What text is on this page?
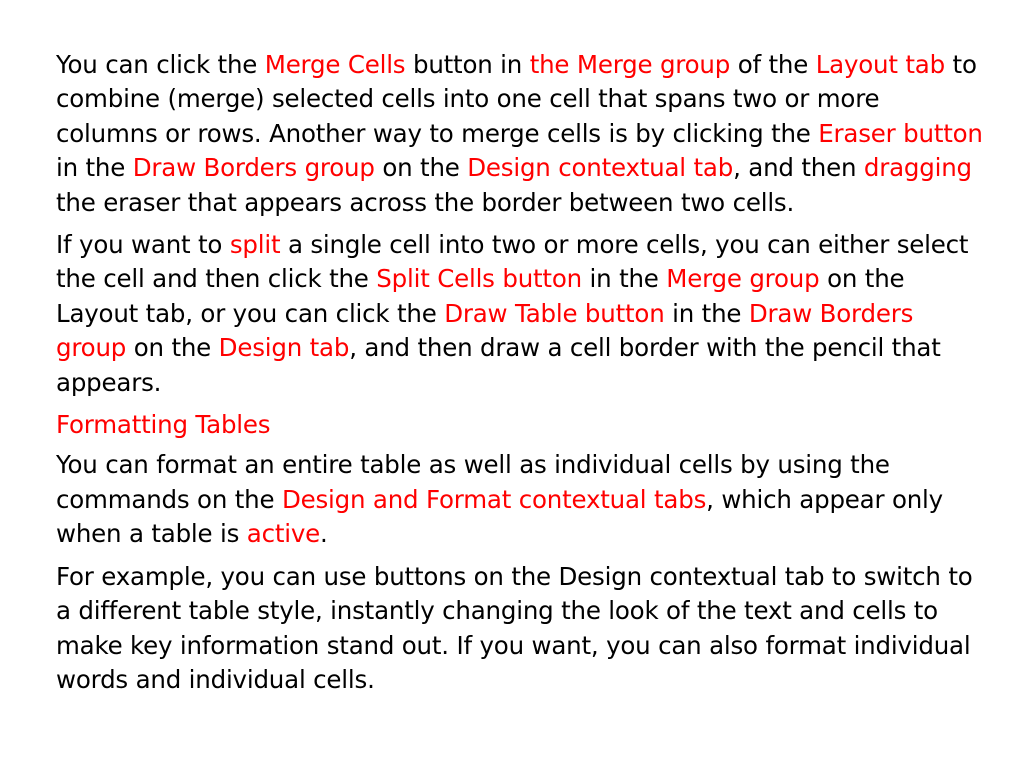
You can click the Merge Cells button in the Merge group of the Layout tab to combine (merge) selected cells into one cell that spans two or more columns or rows. Another way to merge cells is by clicking the Eraser button in the Draw Borders group on the Design contextual tab, and then dragging the eraser that appears across the border between two cells.

If you want to split a single cell into two or more cells, you can either select the cell and then click the Split Cells button in the Merge group on the Layout tab, or you can click the Draw Table button in the Draw Borders group on the Design tab, and then draw a cell border with the pencil that appears.

Formatting Tables

You can format an entire table as well as individual cells by using the commands on the Design and Format contextual tabs, which appear only when a table is active.

For example, you can use buttons on the Design contextual tab to switch to a different table style, instantly changing the look of the text and cells to make key information stand out. If you want, you can also format individual words and individual cells.
